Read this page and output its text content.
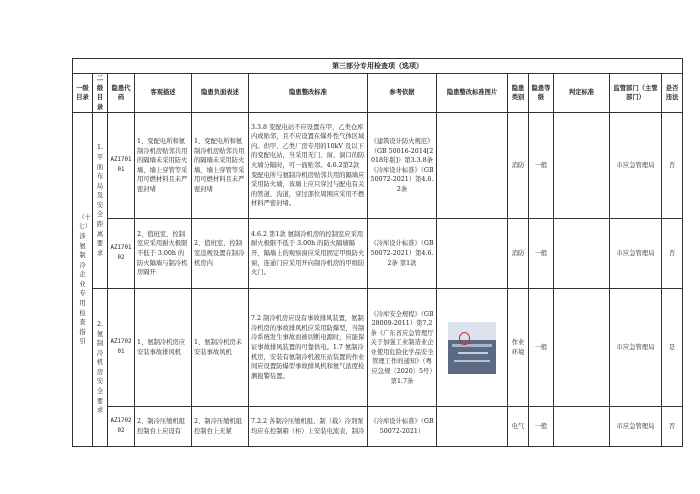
第三部分专用检查项（选项）												
一级目录	二级目录	隐患代码	客观描述	隐患负面表述	隐患整改标准	参考依据	隐患整改标准图片	隐患类别	隐患等级	判定标准	监管部门（主管部门）	是否违法
（十七）涉氨制冷企业专用检查指引	1.平面布局及安全距离要求	AZ170101	1、变配电所和氨制冷机房贴邻共用的隔墙未采用防火墙，墙上穿管等采用可燃材料且未严密封堵	1、变配电所和氨制冷机房贴邻共用的隔墙未采用防火墙，墙上穿管等采用可燃材料且未严密封堵	3.3.8 变配电站不应设置在甲、乙类仓库内或贴邻，且不应设置在爆炸性气体区域内。供甲、乙类厂房专用的10kV 及以下的变配电站，当采用无门、窗、洞口的防火墙分隔时，可一面贴邻。4.6.2第2款 变配电所与氨制冷机房贴邻共用的隔墙应采用防火墙，该墙上应只穿过与配电有关的管道、沟道，穿过部位周围应采用不燃材料严密封堵。	《建筑设计防火规范》（GB 50016-2014[2018年版]）第3.3.8条《冷库设计标准》（GB 50072-2021）第4.6.2条		消防	一般		市应急管理局	否
		AZ170102	2、值班室、控制室应采用耐火极限不低于 3.00h 的防火隔墙与制冷机房隔开	2、值班室、控制室违规设置在制冷机房内	4.6.2 第1款 氨制冷机房的控制室应采用耐火极限不低于 3.00h 的防火隔墙隔开，隔墙上的观察窗应采用固定甲级防火窗，连通门应采用开向制冷机房的甲级防火门。	《冷库设计标准》（GB 50072-2021）第4.6.2条 第1款		消防	一般		市应急管理局	否
	2.氨制冷机房安全要求	AZ170201	1、氨制冷机房应安装事故排风机	1、氨制冷机房未安装事故风机	7.2 制冷机房应设有事故排风装置，氨制冷机房的事故排风机应采用防爆型，当制冷系统发生事故而被切断电源时，应能保证事故排风装置的可靠供电。1.7 氨制冷机房，安装有氨制冷机液压站装置的作业间应设置防爆型事故排风机和氨气浓度检测报警装置。	《冷库安全规程》（GB28009-2011）第7.2条《广东省应急管理厅关于加强工业制造业企业使用危险化学品安全管理工作的通知》（粤应急规〔2020〕5号）第1.7条		作业环境	一般		市应急管理局	是
		AZ170202	2、制冷压缩机组控制台上应设有	2、制冷压缩机组控制台上无紧	7.2.2 各制冷压缩机组、制（载）冷剂泵均应在控制箱（柜）上安装电流表，制冷	《冷库设计标准》（GB 50072-2021）		电气	一般		市应急管理局	否
